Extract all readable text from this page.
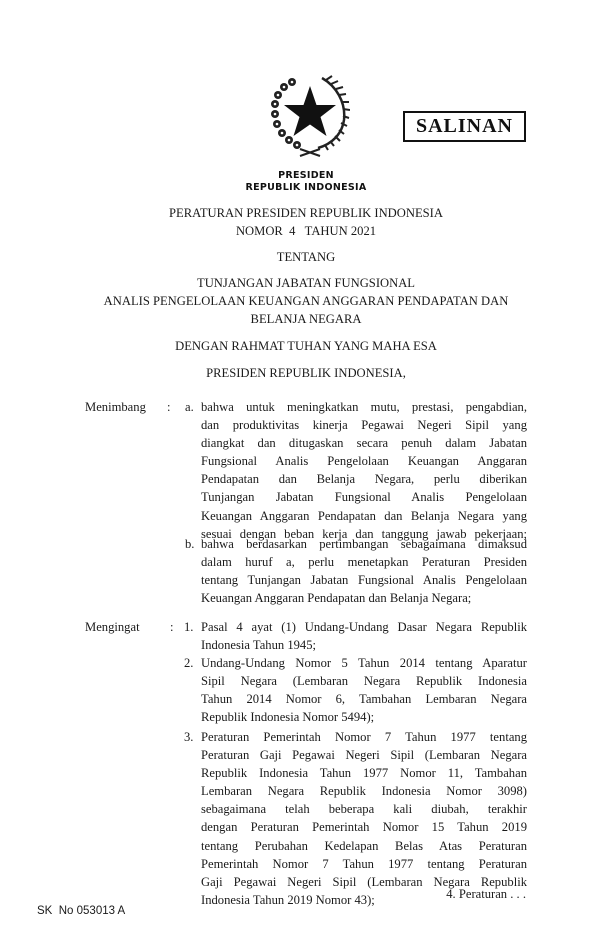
SALINAN
PRESIDEN
REPUBLIK INDONESIA
PERATURAN PRESIDEN REPUBLIK INDONESIA
NOMOR  4   TAHUN 2021
TENTANG
TUNJANGAN JABATAN FUNGSIONAL
ANALIS PENGELOLAAN KEUANGAN ANGGARAN PENDAPATAN DAN
BELANJA NEGARA
DENGAN RAHMAT TUHAN YANG MAHA ESA
PRESIDEN REPUBLIK INDONESIA,
Menimbang : a. bahwa untuk meningkatkan mutu, prestasi, pengabdian,
dan produktivitas kinerja Pegawai Negeri Sipil yang
diangkat dan ditugaskan secara penuh dalam Jabatan
Fungsional Analis Pengelolaan Keuangan Anggaran
Pendapatan dan Belanja Negara, perlu diberikan
Tunjangan Jabatan Fungsional Analis Pengelolaan
Keuangan Anggaran Pendapatan dan Belanja Negara yang
sesuai dengan beban kerja dan tanggung jawab pekerjaan;
b. bahwa berdasarkan pertimbangan sebagaimana dimaksud
dalam huruf a, perlu menetapkan Peraturan Presiden
tentang Tunjangan Jabatan Fungsional Analis Pengelolaan
Keuangan Anggaran Pendapatan dan Belanja Negara;
Mengingat : 1. Pasal 4 ayat (1) Undang-Undang Dasar Negara Republik
Indonesia Tahun 1945;
2. Undang-Undang Nomor 5 Tahun 2014 tentang Aparatur
Sipil Negara (Lembaran Negara Republik Indonesia
Tahun 2014 Nomor 6, Tambahan Lembaran Negara
Republik Indonesia Nomor 5494);
3. Peraturan Pemerintah Nomor 7 Tahun 1977 tentang
Peraturan Gaji Pegawai Negeri Sipil (Lembaran Negara
Republik Indonesia Tahun 1977 Nomor 11, Tambahan
Lembaran Negara Republik Indonesia Nomor 3098)
sebagaimana telah beberapa kali diubah, terakhir
dengan Peraturan Pemerintah Nomor 15 Tahun 2019
tentang Perubahan Kedelapan Belas Atas Peraturan
Pemerintah Nomor 7 Tahun 1977 tentang Peraturan
Gaji Pegawai Negeri Sipil (Lembaran Negara Republik
Indonesia Tahun 2019 Nomor 43);	4. Peraturan . . .
SK  No 053013 A
